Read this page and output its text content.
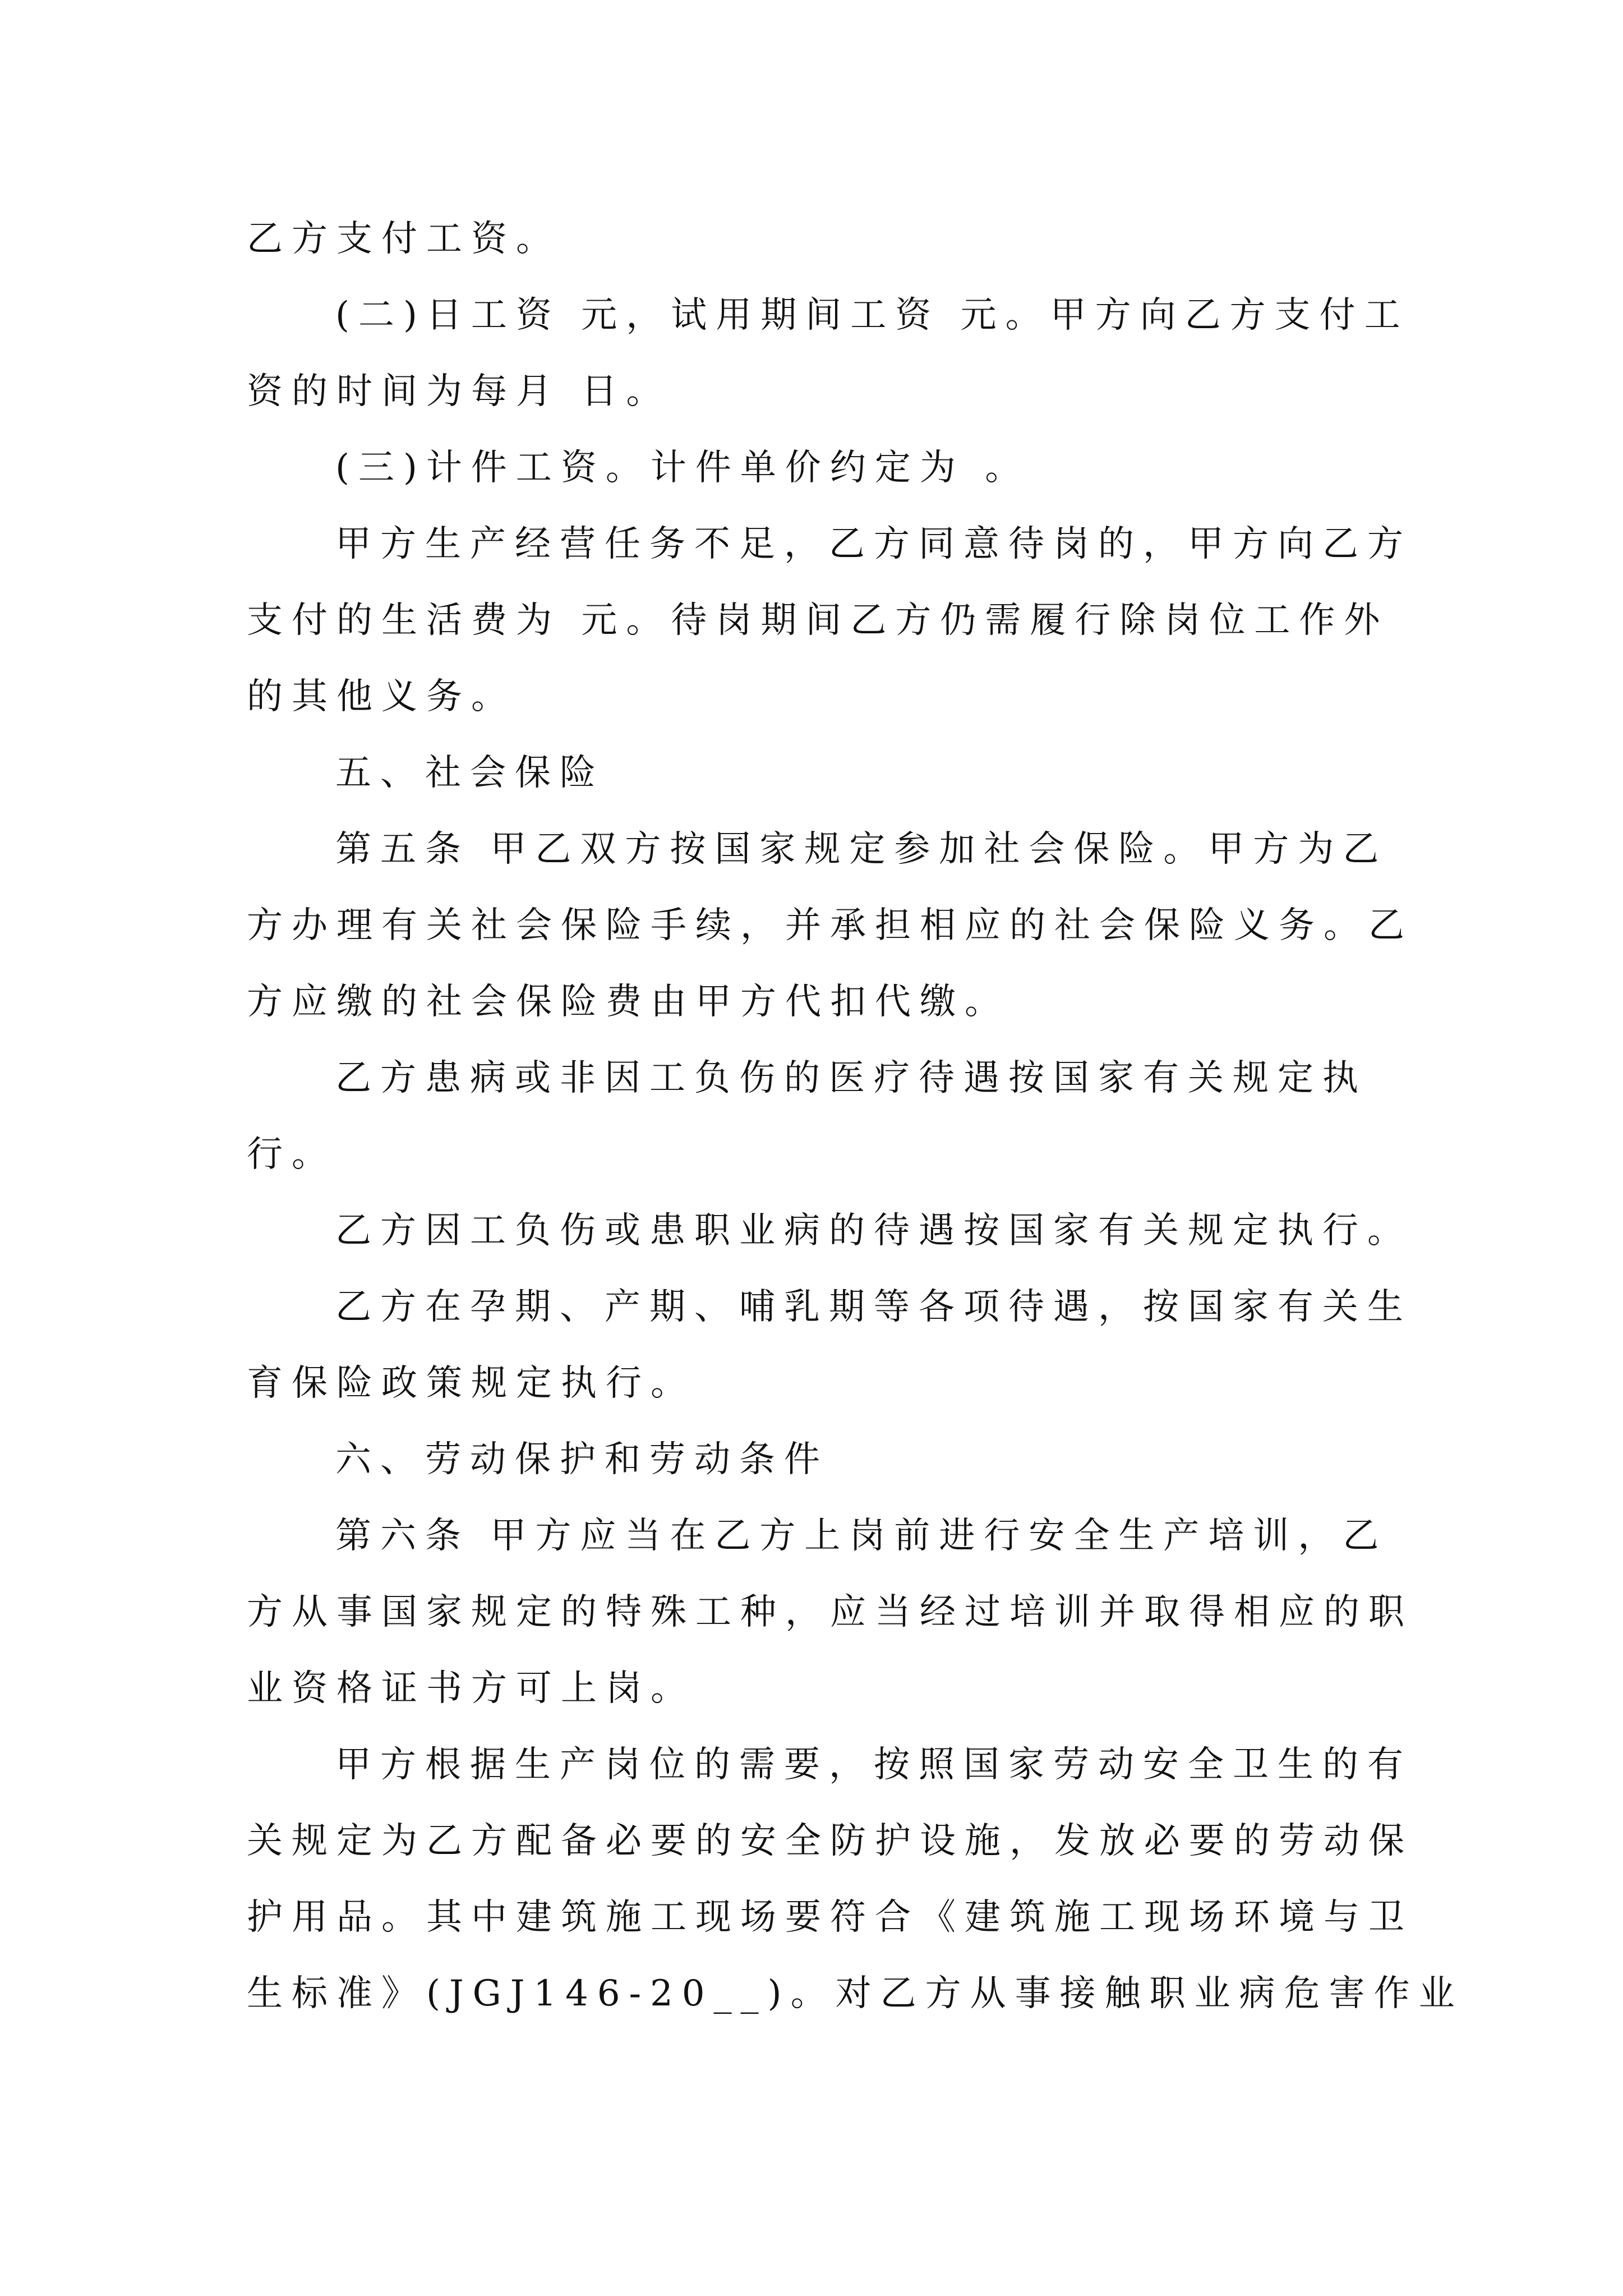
乙方支付工资。

(二)日工资 元，试用期间工资 元。甲方向乙方支付工

资的时间为每月 日。

(三)计件工资。计件单价约定为 。

甲方生产经营任务不足，乙方同意待岗的，甲方向乙方

支付的生活费为 元。待岗期间乙方仍需履行除岗位工作外

的其他义务。

五、社会保险

第五条 甲乙双方按国家规定参加社会保险。甲方为乙

方办理有关社会保险手续，并承担相应的社会保险义务。乙

方应缴的社会保险费由甲方代扣代缴。

乙方患病或非因工负伤的医疗待遇按国家有关规定执

行。

乙方因工负伤或患职业病的待遇按国家有关规定执行。

乙方在孕期、产期、哺乳期等各项待遇，按国家有关生

育保险政策规定执行。

六、劳动保护和劳动条件

第六条 甲方应当在乙方上岗前进行安全生产培训，乙

方从事国家规定的特殊工种，应当经过培训并取得相应的职

业资格证书方可上岗。

甲方根据生产岗位的需要，按照国家劳动安全卫生的有

关规定为乙方配备必要的安全防护设施，发放必要的劳动保

护用品。其中建筑施工现场要符合《建筑施工现场环境与卫

生标准》(JGJ146-20__)。对乙方从事接触职业病危害作业
